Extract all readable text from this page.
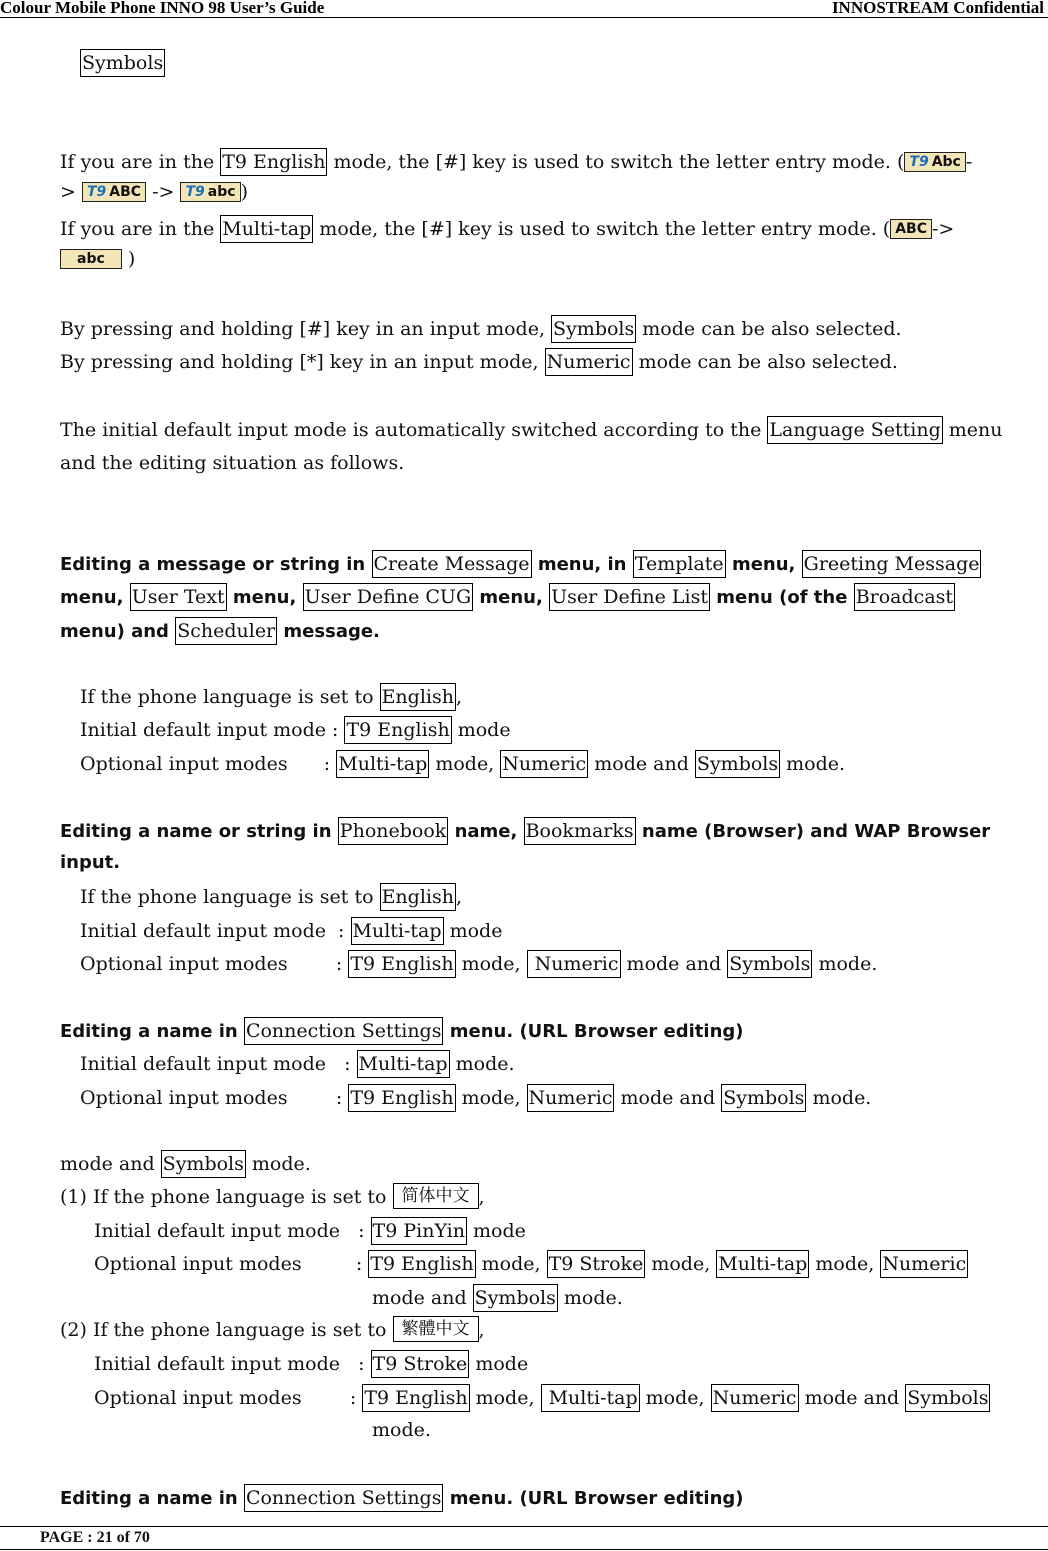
Colour Mobile Phone INNO 98 User’s Guide	INNOSTREAM Confidential
Symbols
If you are in the T9 English mode, the [#] key is used to switch the letter entry mode. ( T9 Abc -
> T9 ABC -> T9 abc )
If you are in the Multi-tap mode, the [#] key is used to switch the letter entry mode. ( ABC ->
abc )
By pressing and holding [#] key in an input mode, Symbols mode can be also selected.
By pressing and holding [*] key in an input mode, Numeric mode can be also selected.
The initial default input mode is automatically switched according to the Language Setting menu
and the editing situation as follows.
Editing a message or string in Create Message menu, in Template menu, Greeting Message
menu, User Text menu, User Define CUG menu, User Define List menu (of the Broadcast
menu) and Scheduler message.
If the phone language is set to English ,
Initial default input mode : T9 English mode
Optional input modes      : Multi-tap mode, Numeric mode and Symbols mode.
Editing a name or string in Phonebook name, Bookmarks name (Browser) and WAP Browser
input.
If the phone language is set to English ,
Initial default input mode  : Multi-tap mode
Optional input modes        : T9 English mode,  Numeric mode and Symbols mode.
Editing a name in Connection Settings menu. (URL Browser editing)
Initial default input mode   : Multi-tap mode.
Optional input modes        : T9 English mode, Numeric mode and Symbols mode.
mode and Symbols mode.
(1) If the phone language is set to 简体中文 ,
Initial default input mode   : T9 PinYin mode
Optional input modes         : T9 English mode, T9 Stroke mode, Multi-tap mode, Numeric
mode and Symbols mode.
(2) If the phone language is set to 繁體中文 ,
Initial default input mode   : T9 Stroke mode
Optional input modes        : T9 English mode,  Multi-tap mode, Numeric mode and Symbols
mode.
Editing a name in Connection Settings menu. (URL Browser editing)
PAGE : 21 of 70
